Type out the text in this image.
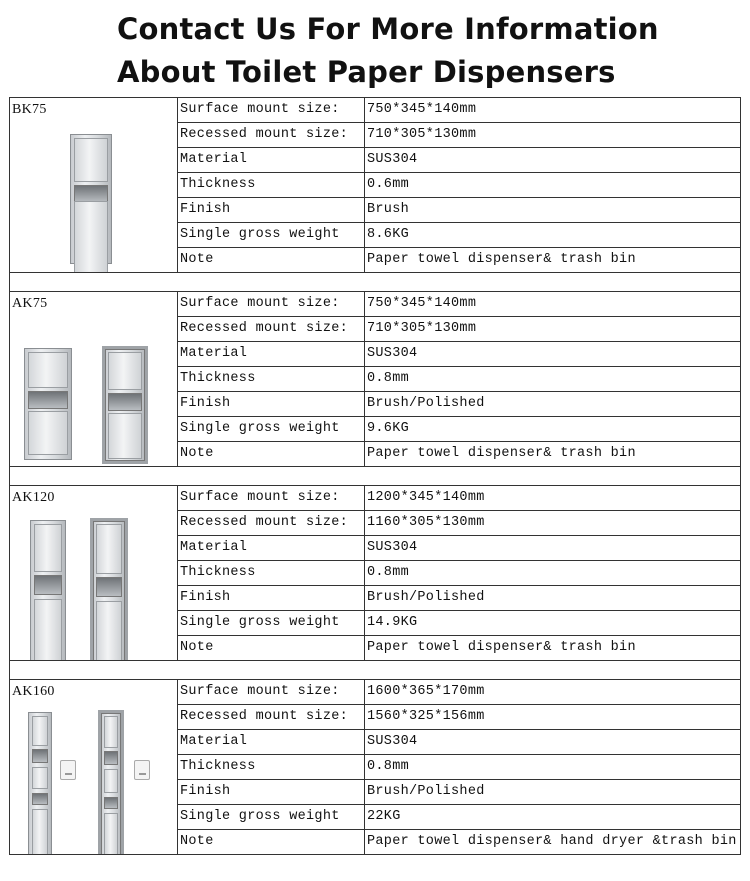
Contact Us For More Information
About Toilet Paper Dispensers
BK75	Surface mount size:	750*345*140mm
	Recessed mount size:	710*305*130mm
	Material	SUS304
	Thickness	0.6mm
	Finish	Brush
	Single gross weight	8.6KG
	Note	Paper towel dispenser& trash bin

AK75	Surface mount size:	750*345*140mm
	Recessed mount size:	710*305*130mm
	Material	SUS304
	Thickness	0.8mm
	Finish	Brush/Polished
	Single gross weight	9.6KG
	Note	Paper towel dispenser& trash bin

AK120	Surface mount size:	1200*345*140mm
	Recessed mount size:	1160*305*130mm
	Material	SUS304
	Thickness	0.8mm
	Finish	Brush/Polished
	Single gross weight	14.9KG
	Note	Paper towel dispenser& trash bin

AK160	Surface mount size:	1600*365*170mm
	Recessed mount size:	1560*325*156mm
	Material	SUS304
	Thickness	0.8mm
	Finish	Brush/Polished
	Single gross weight	22KG
	Note	Paper towel dispenser& hand dryer &trash bin
